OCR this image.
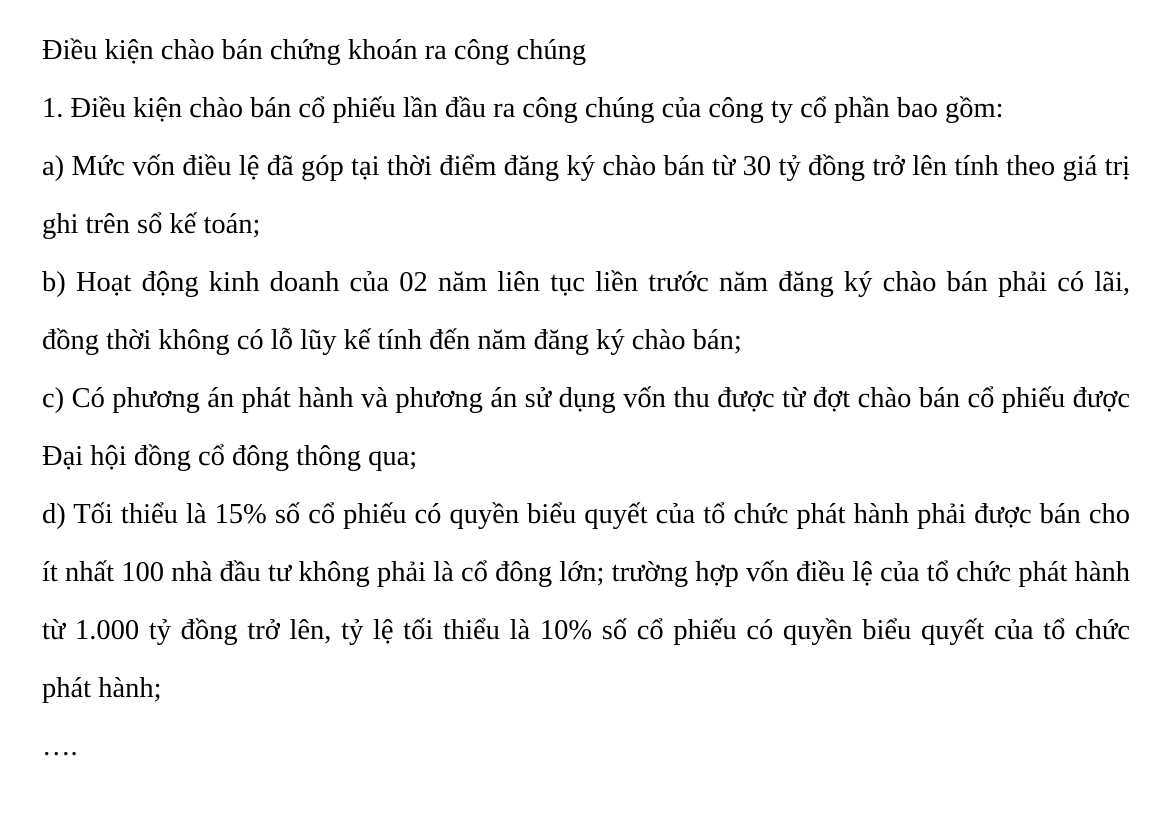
Điều kiện chào bán chứng khoán ra công chúng

1. Điều kiện chào bán cổ phiếu lần đầu ra công chúng của công ty cổ phần bao gồm:

a) Mức vốn điều lệ đã góp tại thời điểm đăng ký chào bán từ 30 tỷ đồng trở lên tính theo giá trị ghi trên sổ kế toán;

b) Hoạt động kinh doanh của 02 năm liên tục liền trước năm đăng ký chào bán phải có lãi, đồng thời không có lỗ lũy kế tính đến năm đăng ký chào bán;

c) Có phương án phát hành và phương án sử dụng vốn thu được từ đợt chào bán cổ phiếu được Đại hội đồng cổ đông thông qua;

d) Tối thiểu là 15% số cổ phiếu có quyền biểu quyết của tổ chức phát hành phải được bán cho ít nhất 100 nhà đầu tư không phải là cổ đông lớn; trường hợp vốn điều lệ của tổ chức phát hành từ 1.000 tỷ đồng trở lên, tỷ lệ tối thiểu là 10% số cổ phiếu có quyền biểu quyết của tổ chức phát hành;

….
